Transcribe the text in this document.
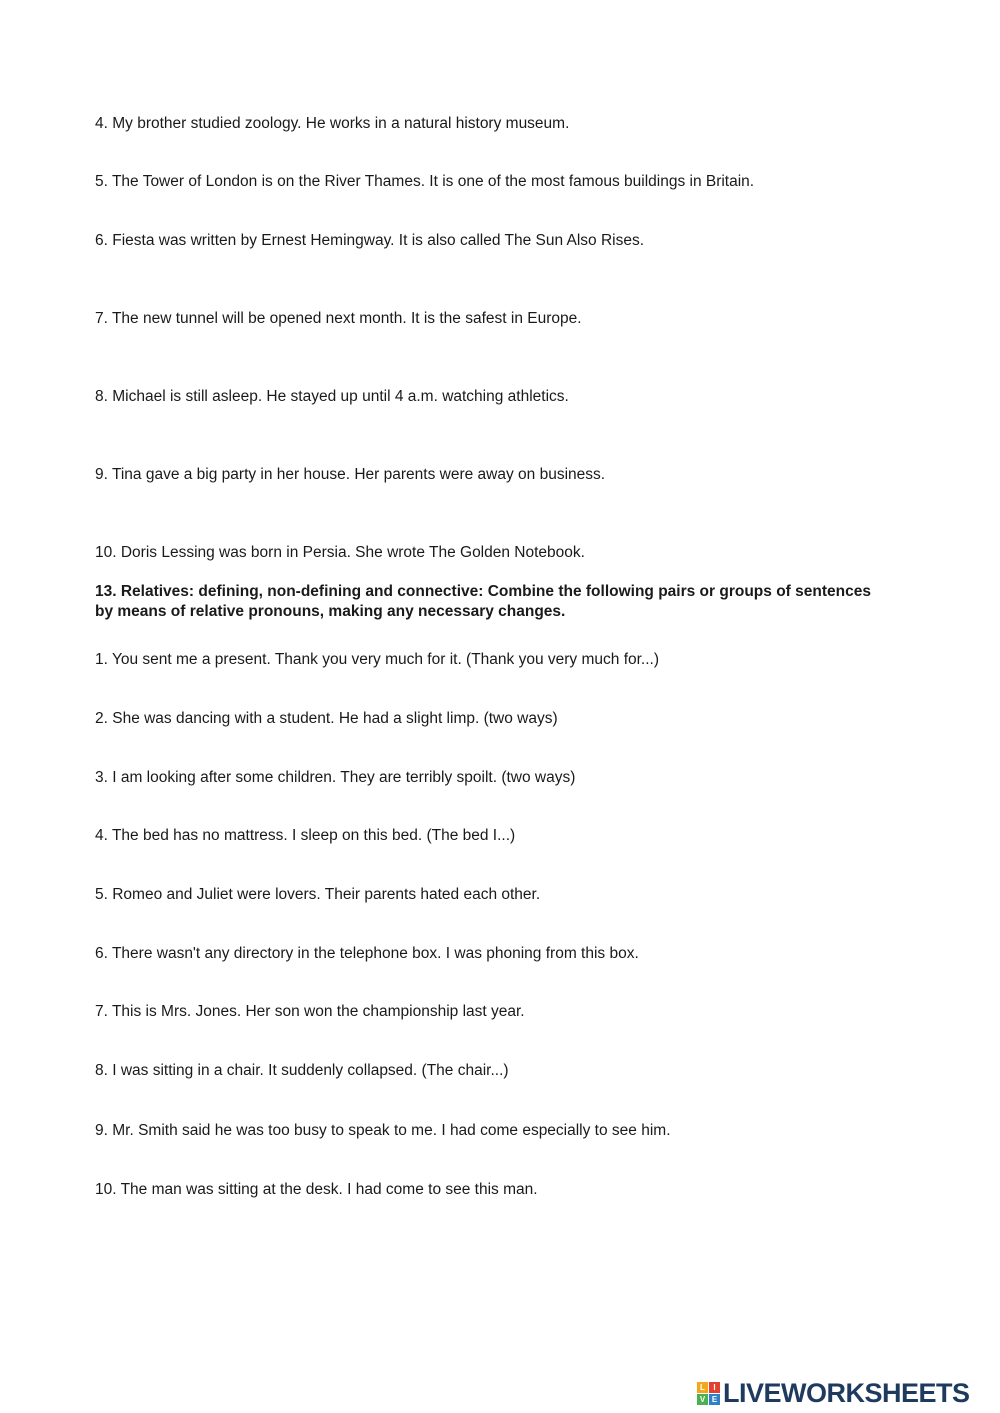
4. My brother studied zoology. He works in a natural history museum.
5. The Tower of London is on the River Thames. It is one of the most famous buildings in Britain.
6. Fiesta was written by Ernest Hemingway. It is also called The Sun Also Rises.
7. The new tunnel will be opened next month. It is the safest in Europe.
8. Michael is still asleep. He stayed up until 4 a.m. watching athletics.
9. Tina gave a big party in her house. Her parents were away on business.
10. Doris Lessing was born in Persia. She wrote The Golden Notebook.
13. Relatives: defining, non-defining and connective: Combine the following pairs or groups of sentences by means of relative pronouns, making any necessary changes.
1. You sent me a present. Thank you very much for it. (Thank you very much for...)
2. She was dancing with a student. He had a slight limp. (two ways)
3. I am looking after some children. They are terribly spoilt. (two ways)
4. The bed has no mattress. I sleep on this bed. (The bed I...)
5. Romeo and Juliet were lovers. Their parents hated each other.
6. There wasn't any directory in the telephone box. I was phoning from this box.
7. This is Mrs. Jones. Her son won the championship last year.
8. I was sitting in a chair. It suddenly collapsed. (The chair...)
9. Mr. Smith said he was too busy to speak to me. I had come especially to see him.
10. The man was sitting at the desk. I had come to see this man.
L	I
V E LIVEWORKSHEETS
